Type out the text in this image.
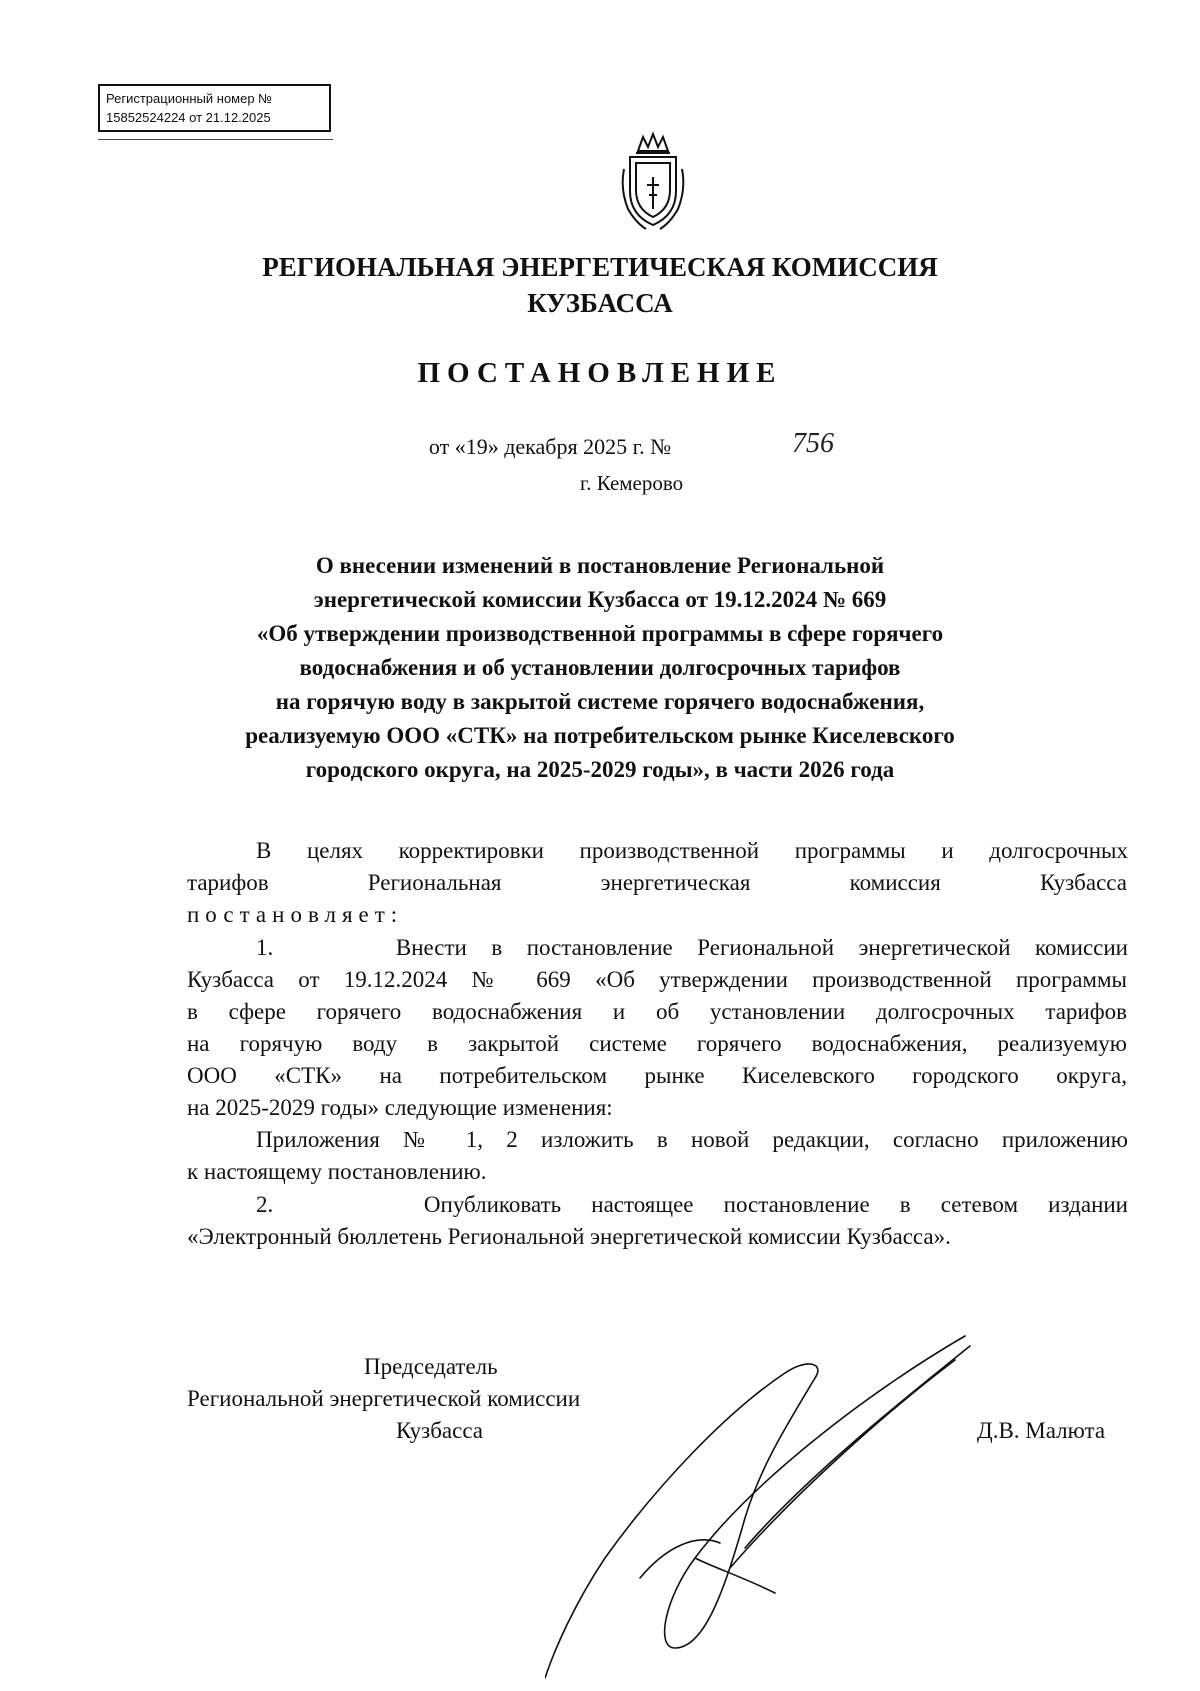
Регистрационный номер №
15852524224 от 21.12.2025
РЕГИОНАЛЬНАЯ ЭНЕРГЕТИЧЕСКАЯ КОМИССИЯ
КУЗБАССА
ПОСТАНОВЛЕНИЕ
от «19» декабря 2025 г. №	756
г. Кемерово
О внесении изменений в постановление Региональной
энергетической комиссии Кузбасса от 19.12.2024 № 669
«Об утверждении производственной программы в сфере горячего
водоснабжения и об установлении долгосрочных тарифов
на горячую воду в закрытой системе горячего водоснабжения,
реализуемую ООО «СТК» на потребительском рынке Киселевского
городского округа, на 2025-2029 годы», в части 2026 года
В целях корректировки производственной программы и долгосрочных
тарифов Региональная энергетическая комиссия Кузбасса
постановляет:
1.     Внести в постановление Региональной энергетической комиссии
Кузбасса от 19.12.2024 № 669 «Об утверждении производственной программы
в сфере горячего водоснабжения и об установлении долгосрочных тарифов
на горячую воду в закрытой системе горячего водоснабжения, реализуемую
ООО «СТК» на потребительском рынке Киселевского городского округа,
на 2025-2029 годы» следующие изменения:
Приложения № 1, 2 изложить в новой редакции, согласно приложению
к настоящему постановлению.
2.     Опубликовать настоящее постановление в сетевом издании
«Электронный бюллетень Региональной энергетической комиссии Кузбасса».
Председатель
Региональной энергетической комиссии
Кузбасса	Д.В. Малюта
